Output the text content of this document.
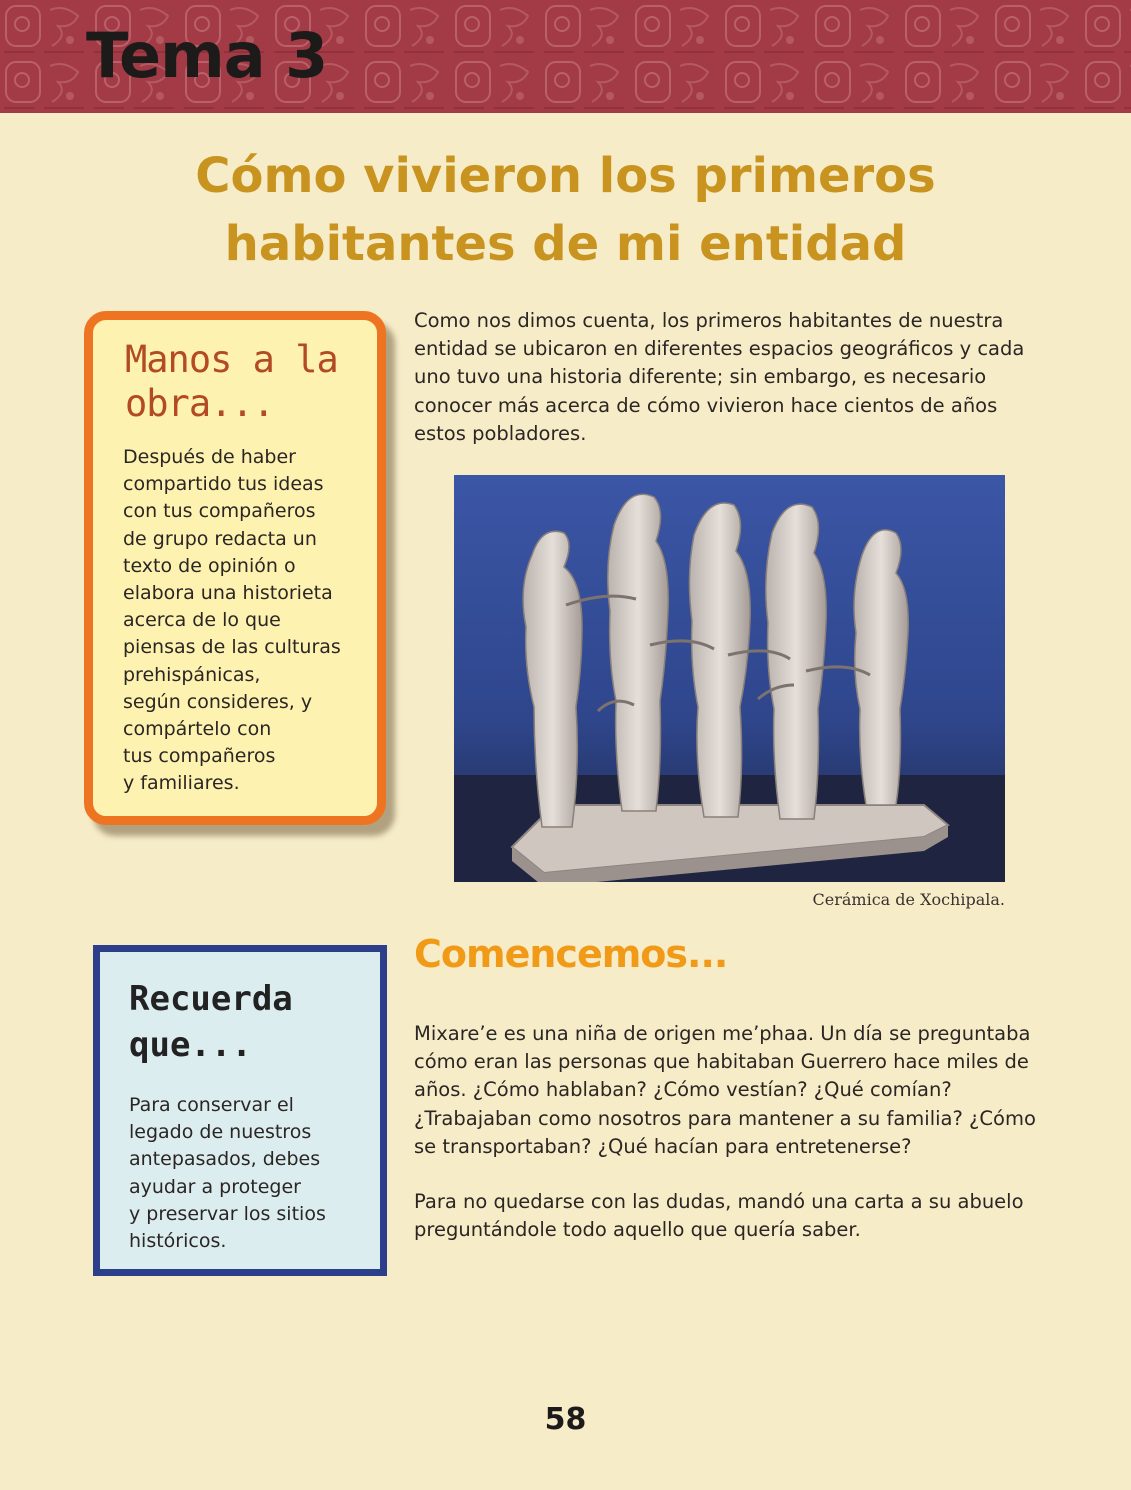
Tema 3
Cómo vivieron los primeros
habitantes de mi entidad
Manos a la obra...
Después de haber
compartido tus ideas
con tus compañeros
de grupo redacta un
texto de opinión o
elabora una historieta
acerca de lo que
piensas de las culturas
prehispánicas,
según consideres, y
compártelo con
tus compañeros
y familiares.
Como nos dimos cuenta, los primeros habitantes de nuestra entidad se ubicaron en diferentes espacios geográficos y cada uno tuvo una historia diferente; sin embargo, es necesario conocer más acerca de cómo vivieron hace cientos de años estos pobladores.
Cerámica de Xochipala.
Recuerda
que...
Para conservar el
legado de nuestros
antepasados, debes
ayudar a proteger
y preservar los sitios
históricos.
Comencemos...
Mixare’e es una niña de origen me’phaa. Un día se preguntaba cómo eran las personas que habitaban Guerrero hace miles de años. ¿Cómo hablaban? ¿Cómo vestían? ¿Qué comían? ¿Trabajaban como nosotros para mantener a su familia? ¿Cómo se transportaban? ¿Qué hacían para entretenerse?
Para no quedarse con las dudas, mandó una carta a su abuelo preguntándole todo aquello que quería saber.
58
